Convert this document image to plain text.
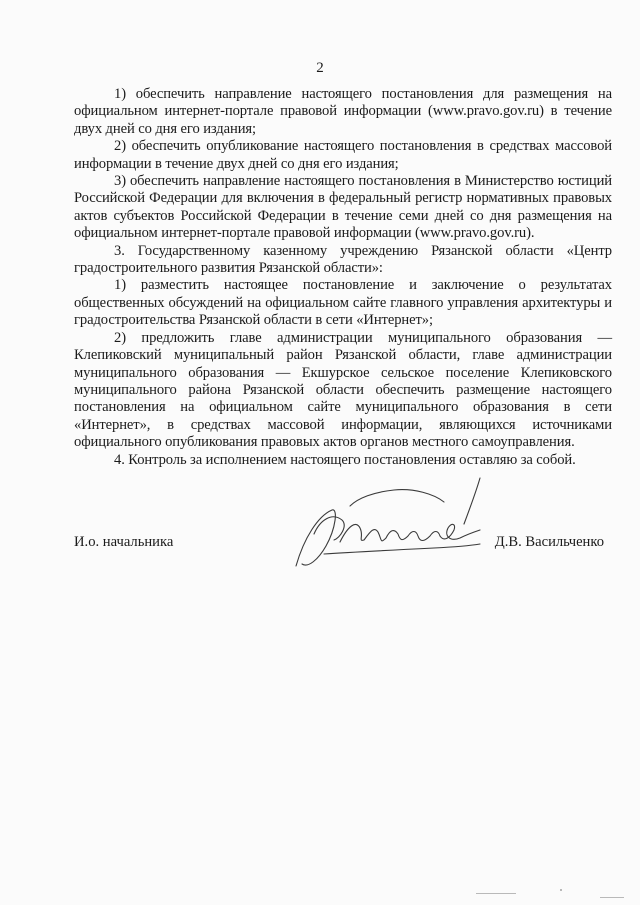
2

1) обеспечить направление настоящего постановления для размещения на официальном интернет-портале правовой информации (www.pravo.gov.ru) в течение двух дней со дня его издания;

2) обеспечить опубликование настоящего постановления в средствах массовой информации в течение двух дней со дня его издания;

3) обеспечить направление настоящего постановления в Министерство юстиций Российской Федерации для включения в федеральный регистр нормативных правовых актов субъектов Российской Федерации в течение семи дней со дня размещения на официальном интернет-портале правовой информации (www.pravo.gov.ru).

3. Государственному казенному учреждению Рязанской области «Центр градостроительного развития Рязанской области»:

1) разместить настоящее постановление и заключение о результатах общественных обсуждений на официальном сайте главного управления архитектуры и градостроительства Рязанской области в сети «Интернет»;

2) предложить главе администрации муниципального образования — Клепиковский муниципальный район Рязанской области, главе администрации муниципального образования — Екшурское сельское поселение Клепиковского муниципального района Рязанской области обеспечить размещение настоящего постановления на официальном сайте муниципального образования в сети «Интернет», в средствах массовой информации, являющихся источниками официального опубликования правовых актов органов местного самоуправления.

4. Контроль за исполнением настоящего постановления оставляю за собой.

И.о. начальника	Д.В. Васильченко
